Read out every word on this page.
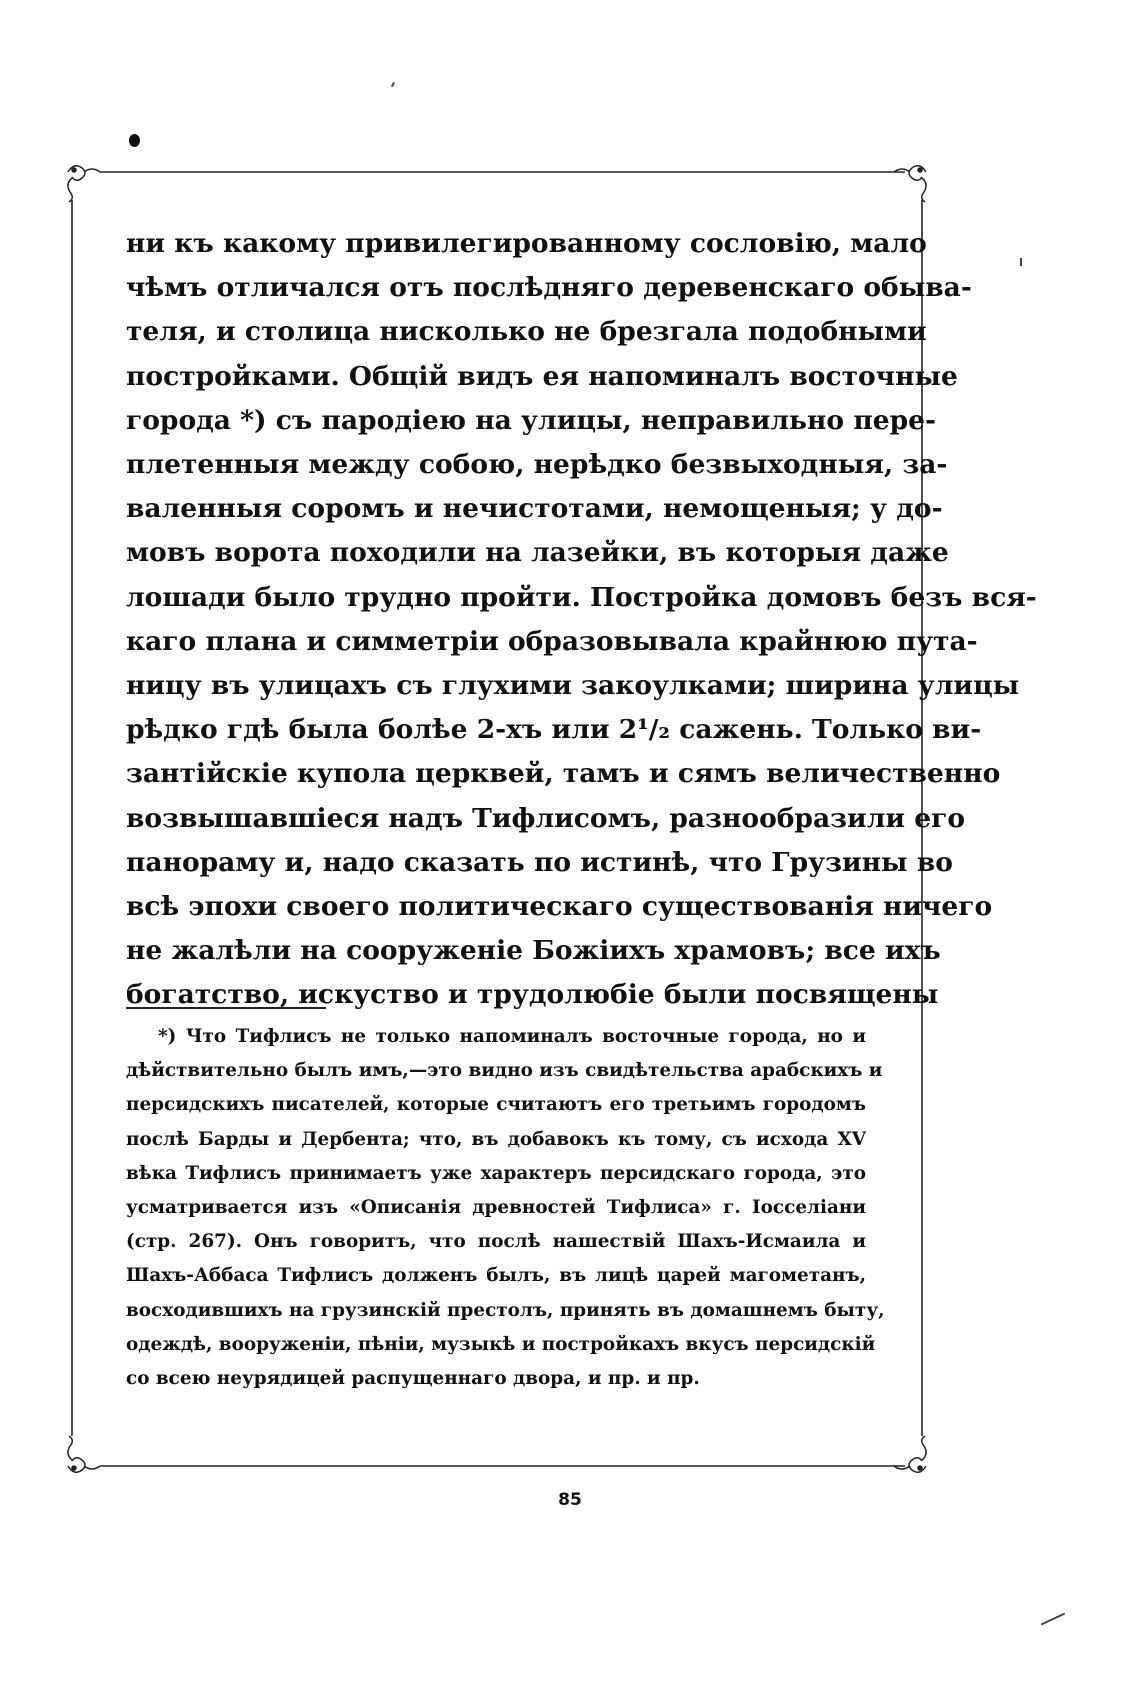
ни къ какому привилегированному сословію, мало
чѣмъ отличался отъ послѣдняго деревенскаго обыва-
теля, и столица нисколько не брезгала подобными
постройками. Общій видъ ея напоминалъ восточные
города *) съ пародіею на улицы, неправильно пере-
плетенныя между собою, нерѣдко безвыходныя, за-
валенныя соромъ и нечистотами, немощеныя; у до-
мовъ ворота походили на лазейки, въ которыя даже
лошади было трудно пройти. Постройка домовъ безъ вся-
каго плана и симметріи образовывала крайнюю пута-
ницу въ улицахъ съ глухими закоулками; ширина улицы
рѣдко гдѣ была болѣе 2-хъ или 2¹/₂ сажень. Только ви-
зантійскіе купола церквей, тамъ и сямъ величественно
возвышавшіеся надъ Тифлисомъ, разнообразили его
панораму и, надо сказать по истинѣ, что Грузины во
всѣ эпохи своего политическаго существованія ничего
не жалѣли на сооруженіе Божіихъ храмовъ; все ихъ
богатство, искуство и трудолюбіе были посвящены
*) Что Тифлисъ не только напоминалъ восточные города, но и
дѣйствительно былъ имъ,—это видно изъ свидѣтельства арабскихъ и
персидскихъ писателей, которые считаютъ его третьимъ городомъ
послѣ Барды и Дербента; что, въ добавокъ къ тому, съ исхода XV
вѣка Тифлисъ принимаетъ уже характеръ персидскаго города, это
усматривается изъ «Описанія древностей Тифлиса» г. Іосселіани
(стр. 267). Онъ говоритъ, что послѣ нашествій Шахъ-Исмаила и
Шахъ-Аббаса Тифлисъ долженъ былъ, въ лицѣ царей магометанъ,
восходившихъ на грузинскій престолъ, принять въ домашнемъ быту,
одеждѣ, вооруженіи, пѣніи, музыкѣ и постройкахъ вкусъ персидскій
со всею неурядицей распущеннаго двора, и пр. и пр.
85
